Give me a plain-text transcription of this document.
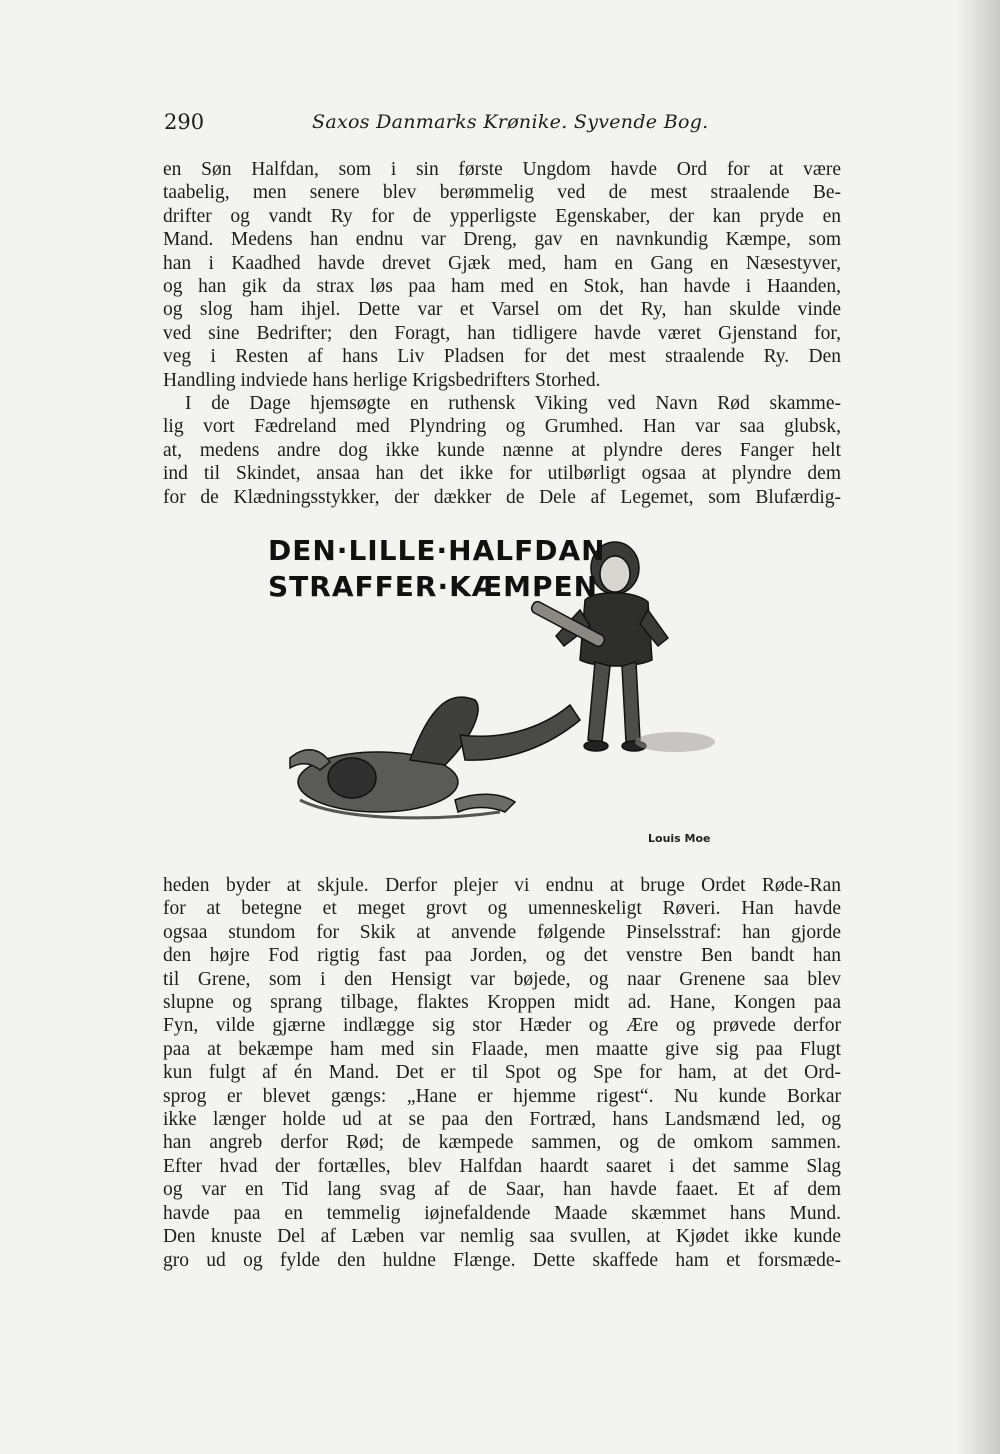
290	Saxos Danmarks Krønike. Syvende Bog.
en Søn Halfdan, som i sin første Ungdom havde Ord for at være
taabelig, men senere blev berømmelig ved de mest straalende Be-
drifter og vandt Ry for de ypperligste Egenskaber, der kan pryde en
Mand. Medens han endnu var Dreng, gav en navnkundig Kæmpe, som
han i Kaadhed havde drevet Gjæk med, ham en Gang en Næsestyver,
og han gik da strax løs paa ham med en Stok, han havde i Haanden,
og slog ham ihjel. Dette var et Varsel om det Ry, han skulde vinde
ved sine Bedrifter; den Foragt, han tidligere havde været Gjenstand for,
veg i Resten af hans Liv Pladsen for det mest straalende Ry. Den
Handling indviede hans herlige Krigsbedrifters Storhed.
I de Dage hjemsøgte en ruthensk Viking ved Navn Rød skamme-
lig vort Fædreland med Plyndring og Grumhed. Han var saa glubsk,
at, medens andre dog ikke kunde nænne at plyndre deres Fanger helt
ind til Skindet, ansaa han det ikke for utilbørligt ogsaa at plyndre dem
for de Klædningsstykker, der dækker de Dele af Legemet, som Blufærdig-
DEN·LILLE·HALFDAN
STRAFFER·KÆMPEN
Louis Moe
heden byder at skjule. Derfor plejer vi endnu at bruge Ordet Røde-Ran
for at betegne et meget grovt og umenneskeligt Røveri. Han havde
ogsaa stundom for Skik at anvende følgende Pinselsstraf: han gjorde
den højre Fod rigtig fast paa Jorden, og det venstre Ben bandt han
til Grene, som i den Hensigt var bøjede, og naar Grenene saa blev
slupne og sprang tilbage, flaktes Kroppen midt ad. Hane, Kongen paa
Fyn, vilde gjærne indlægge sig stor Hæder og Ære og prøvede derfor
paa at bekæmpe ham med sin Flaade, men maatte give sig paa Flugt
kun fulgt af én Mand. Det er til Spot og Spe for ham, at det Ord-
sprog er blevet gængs: „Hane er hjemme rigest“. Nu kunde Borkar
ikke længer holde ud at se paa den Fortræd, hans Landsmænd led, og
han angreb derfor Rød; de kæmpede sammen, og de omkom sammen.
Efter hvad der fortælles, blev Halfdan haardt saaret i det samme Slag
og var en Tid lang svag af de Saar, han havde faaet. Et af dem
havde paa en temmelig iøjnefaldende Maade skæmmet hans Mund.
Den knuste Del af Læben var nemlig saa svullen, at Kjødet ikke kunde
gro ud og fylde den huldne Flænge. Dette skaffede ham et forsmæde-
